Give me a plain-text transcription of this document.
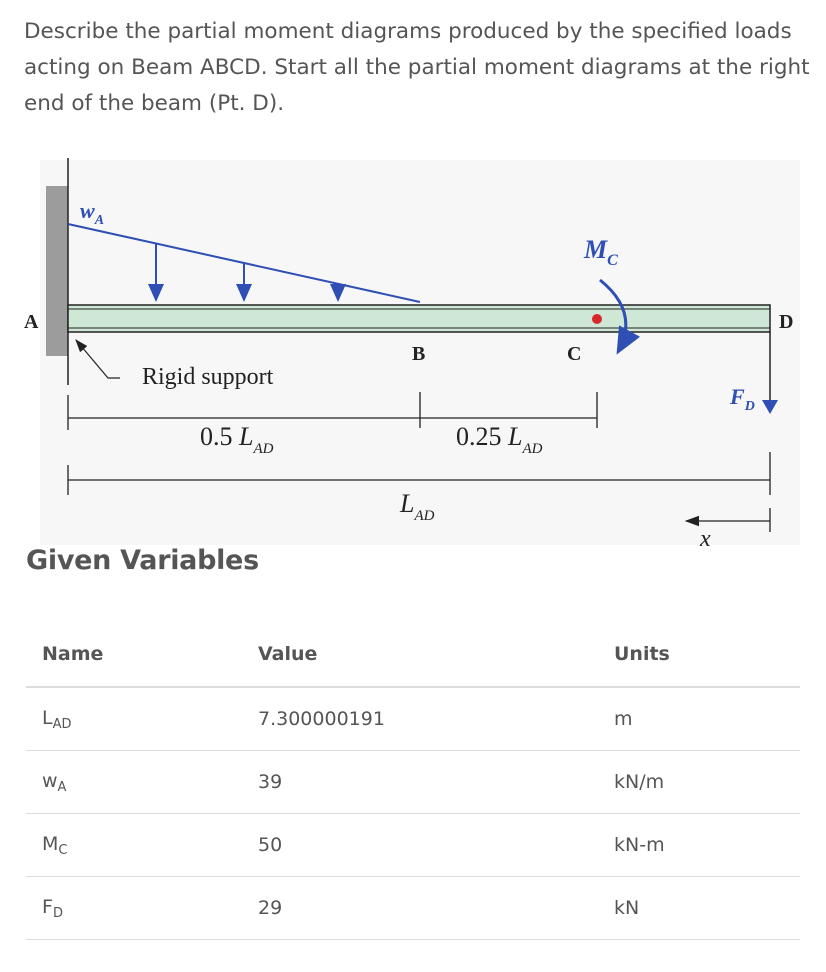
Describe the partial moment diagrams produced by the specified loads acting on Beam ABCD. Start all the partial moment diagrams at the right end of the beam (Pt. D).
A
B	C
D
$w_A$
$M_C$
$F_D$
Rigid support
0.5 $L_{AD}$	0.25 $L_{AD}$
$L_{AD}$
x
Given Variables
Name	Value	Units
$L_{AD}$	7.300000191	m
$w_A$	39	kN/m
$M_C$	50	kN-m
$F_D$	29	kN
